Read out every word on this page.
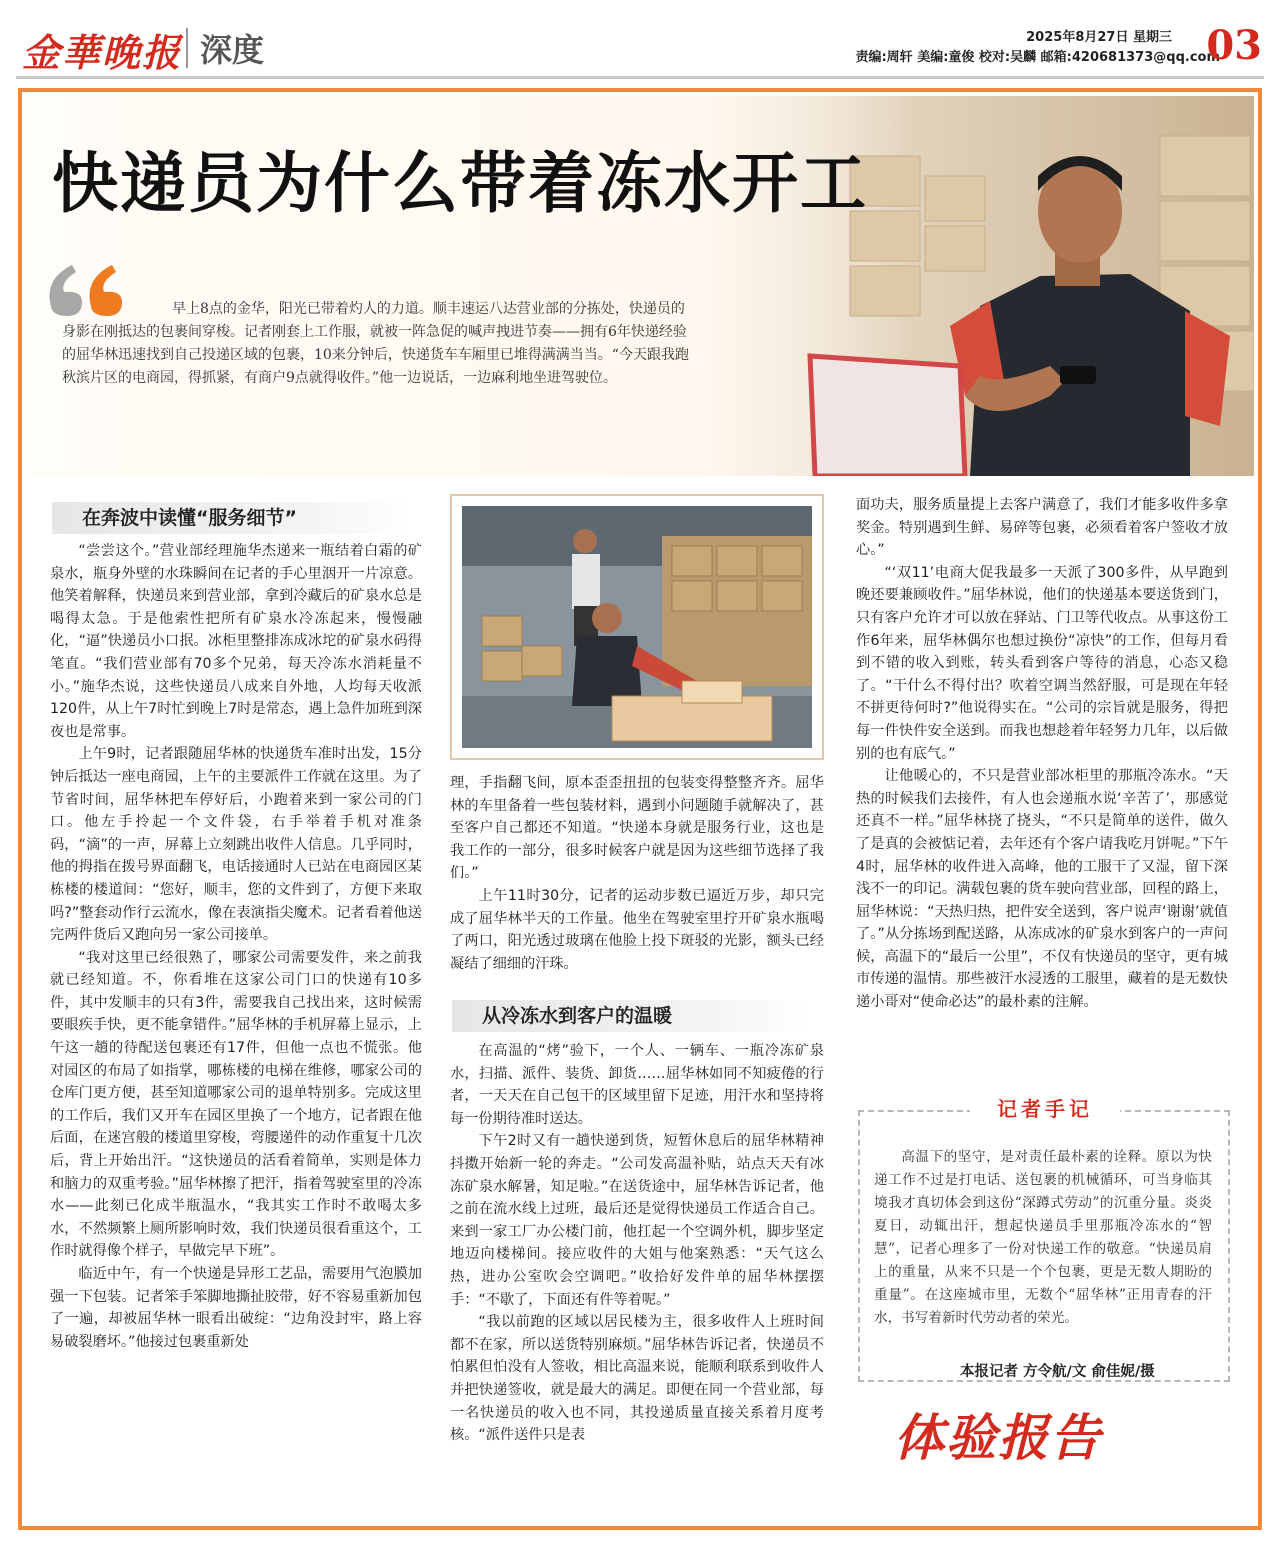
金華晚报 深度	2025年8月27日 星期三
责编:周轩 美编:童俊 校对:吴麟 邮箱:420681373@qq.com
03
快递员为什么带着冻水开工
早上8点的金华，阳光已带着灼人的力道。顺丰速运八达营业部的分拣处，快递员的身影在刚抵达的包裹间穿梭。记者刚套上工作服，就被一阵急促的喊声拽进节奏——拥有6年快递经验的屈华林迅速找到自己投递区域的包裹，10来分钟后，快递货车车厢里已堆得满满当当。“今天跟我跑秋滨片区的电商园，得抓紧，有商户9点就得收件。”他一边说话，一边麻利地坐进驾驶位。
在奔波中读懂“服务细节”

“尝尝这个。”营业部经理施华杰递来一瓶结着白霜的矿泉水，瓶身外壁的水珠瞬间在记者的手心里洇开一片凉意。他笑着解释，快递员来到营业部，拿到冷藏后的矿泉水总是喝得太急。于是他索性把所有矿泉水冷冻起来，慢慢融化，“逼”快递员小口抿。冰柜里整排冻成冰坨的矿泉水码得笔直。“我们营业部有70多个兄弟，每天冷冻水消耗量不小。”施华杰说，这些快递员八成来自外地，人均每天收派120件，从上午7时忙到晚上7时是常态，遇上急件加班到深夜也是常事。

上午9时，记者跟随屈华林的快递货车准时出发，15分钟后抵达一座电商园，上午的主要派件工作就在这里。为了节省时间，屈华林把车停好后，小跑着来到一家公司的门口。他左手拎起一个文件袋，右手举着手机对准条码，“滴”的一声，屏幕上立刻跳出收件人信息。几乎同时，他的拇指在拨号界面翻飞，电话接通时人已站在电商园区某栋楼的楼道间：“您好，顺丰，您的文件到了，方便下来取吗?”整套动作行云流水，像在表演指尖魔术。记者看着他送完两件货后又跑向另一家公司接单。

“我对这里已经很熟了，哪家公司需要发件，来之前我就已经知道。不，你看堆在这家公司门口的快递有10多件，其中发顺丰的只有3件，需要我自己找出来，这时候需要眼疾手快，更不能拿错件。”屈华林的手机屏幕上显示，上午这一趟的待配送包裹还有17件，但他一点也不慌张。他对园区的布局了如指掌，哪栋楼的电梯在维修，哪家公司的仓库门更方便，甚至知道哪家公司的退单特别多。完成这里的工作后，我们又开车在园区里换了一个地方，记者跟在他后面，在迷宫般的楼道里穿梭，弯腰递件的动作重复十几次后，背上开始出汗。“这快递员的活看着简单，实则是体力和脑力的双重考验。”屈华林擦了把汗，指着驾驶室里的冷冻水——此刻已化成半瓶温水，“我其实工作时不敢喝太多水，不然频繁上厕所影响时效，我们快递员很看重这个，工作时就得像个样子，早做完早下班”。

临近中午，有一个快递是异形工艺品，需要用气泡膜加强一下包装。记者笨手笨脚地撕扯胶带，好不容易重新加包了一遍，却被屈华林一眼看出破绽：“边角没封牢，路上容易破裂磨坏。”他接过包裹重新处

理，手指翻飞间，原本歪歪扭扭的包装变得整整齐齐。屈华林的车里备着一些包装材料，遇到小问题随手就解决了，甚至客户自己都还不知道。“快递本身就是服务行业，这也是我工作的一部分，很多时候客户就是因为这些细节选择了我们。”

上午11时30分，记者的运动步数已逼近万步，却只完成了屈华林半天的工作量。他坐在驾驶室里拧开矿泉水瓶喝了两口，阳光透过玻璃在他脸上投下斑驳的光影，额头已经凝结了细细的汗珠。

从冷冻水到客户的温暖

在高温的“烤”验下，一个人、一辆车、一瓶冷冻矿泉水，扫描、派件、装货、卸货……屈华林如同不知疲倦的行者，一天天在自己包干的区域里留下足迹，用汗水和坚持将每一份期待准时送达。

下午2时又有一趟快递到货，短暂休息后的屈华林精神抖擞开始新一轮的奔走。“公司发高温补贴，站点天天有冰冻矿泉水解暑，知足啦。”在送货途中，屈华林告诉记者，他之前在流水线上过班，最后还是觉得快递员工作适合自己。来到一家工厂办公楼门前，他扛起一个空调外机，脚步坚定地迈向楼梯间。接应收件的大姐与他案熟悉：“天气这么热，进办公室吹会空调吧。”收拾好发件单的屈华林摆摆手：“不歇了，下面还有件等着呢。”

“我以前跑的区域以居民楼为主，很多收件人上班时间都不在家，所以送货特别麻烦。”屈华林告诉记者，快递员不怕累但怕没有人签收，相比高温来说，能顺利联系到收件人并把快递签收，就是最大的满足。即便在同一个营业部，每一名快递员的收入也不同，其投递质量直接关系着月度考核。“派件送件只是表

面功夫，服务质量提上去客户满意了，我们才能多收件多拿奖金。特别遇到生鲜、易碎等包裹，必须看着客户签收才放心。”

“‘双11’电商大促我最多一天派了300多件，从早跑到晚还要兼顾收件。”屈华林说，他们的快递基本要送货到门，只有客户允许才可以放在驿站、门卫等代收点。从事这份工作6年来，屈华林偶尔也想过换份“凉快”的工作，但每月看到不错的收入到账，转头看到客户等待的消息，心态又稳了。“干什么不得付出？吹着空调当然舒服，可是现在年轻不拼更待何时?”他说得实在。“公司的宗旨就是服务，得把每一件快件安全送到。而我也想趁着年轻努力几年，以后做别的也有底气。”

让他暖心的，不只是营业部冰柜里的那瓶冷冻水。“天热的时候我们去接件，有人也会递瓶水说‘辛苦了’，那感觉还真不一样。”屈华林挠了挠头，“不只是简单的送件，做久了是真的会被惦记着，去年还有个客户请我吃月饼呢。”下午4时，屈华林的收件进入高峰，他的工服干了又湿，留下深浅不一的印记。满载包裹的货车驶向营业部，回程的路上，屈华林说：“天热归热，把件安全送到，客户说声‘谢谢’就值了。”从分拣场到配送路，从冻成冰的矿泉水到客户的一声问候，高温下的“最后一公里”，不仅有快递员的坚守，更有城市传递的温情。那些被汗水浸透的工服里，藏着的是无数快递小哥对“使命必达”的最朴素的注解。

记者手记
高温下的坚守，是对责任最朴素的诠释。原以为快递工作不过是打电话、送包裹的机械循环，可当身临其境我才真切体会到这份“深蹲式劳动”的沉重分量。炎炎夏日，动辄出汗，想起快递员手里那瓶冷冻水的“智慧”，记者心理多了一份对快递工作的敬意。“快递员肩上的重量，从来不只是一个个包裹，更是无数人期盼的重量”。在这座城市里，无数个“屈华林”正用青春的汗水，书写着新时代劳动者的荣光。
本报记者 方令航/文 俞佳妮/摄
体验报告
